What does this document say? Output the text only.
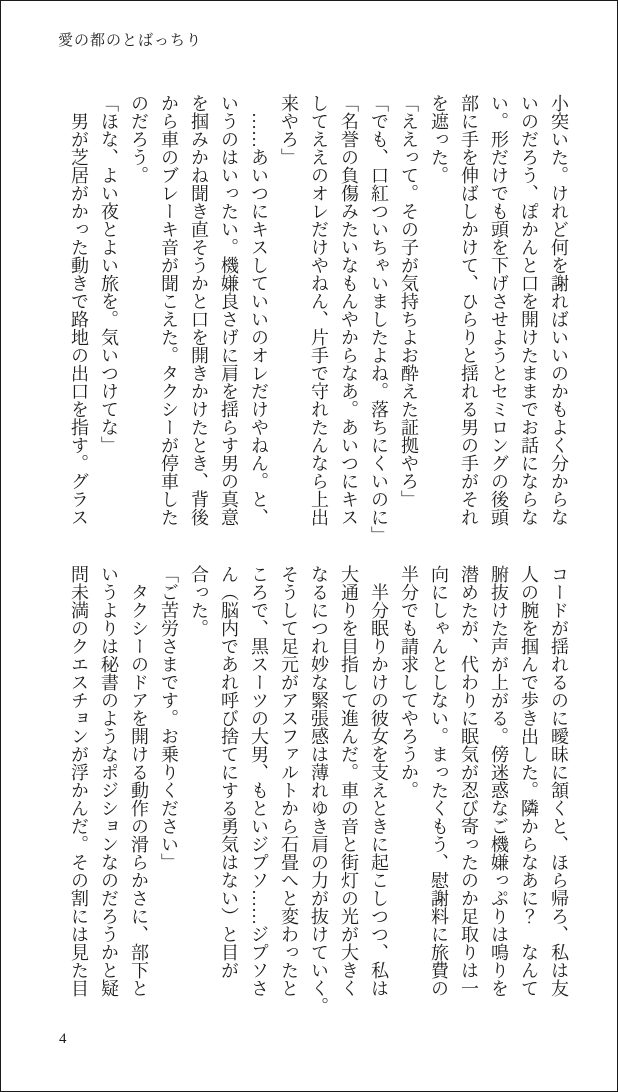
愛の都のとばっちり
小突いた。けれど何を謝ればいいのかもよく分からな
いのだろう、ぽかんと口を開けたままでお話にならな
い。形だけでも頭を下げさせようとセミロングの後頭
部に手を伸ばしかけて、ひらりと揺れる男の手がそれ
を遮った。
「ええって。その子が気持ちよお酔えた証拠やろ」
「でも、口紅ついちゃいましたよね。落ちにくいのに」
「名誉の負傷みたいなもんやからなあ。あいつにキス
してええのオレだけやねん、片手で守れたんなら上出
来やろ」
　……あいつにキスしていいのオレだけやねん。と、
いうのはいったい。機嫌良さげに肩を揺らす男の真意
を掴みかね聞き直そうかと口を開きかけたとき、背後
から車のブレーキ音が聞こえた。タクシーが停車した
のだろう。
「ほな、よい夜とよい旅を。気いつけてな」
　男が芝居がかった動きで路地の出口を指す。グラス
コードが揺れるのに曖昧に頷くと、ほら帰ろ、私は友
人の腕を掴んで歩き出した。隣からなあに？　なんて
腑抜けた声が上がる。傍迷惑なご機嫌っぷりは鳴りを
潜めたが、代わりに眠気が忍び寄ったのか足取りは一
向にしゃんとしない。まったくもう、慰謝料に旅費の
半分でも請求してやろうか。
　半分眠りかけの彼女を支えときに起こしつつ、私は
大通りを目指して進んだ。車の音と街灯の光が大きく
なるにつれ妙な緊張感は薄れゆき肩の力が抜けていく。
そうして足元がアスファルトから石畳へと変わったと
ころで、黒スーツの大男、もといジプソ……ジプソさ
ん（脳内であれ呼び捨てにする勇気はない）と目が
合った。
「ご苦労さまです。お乗りください」
　タクシーのドアを開ける動作の滑らかさに、部下と
いうよりは秘書のようなポジションなのだろうかと疑
問未満のクエスチョンが浮かんだ。その割には見た目
4
